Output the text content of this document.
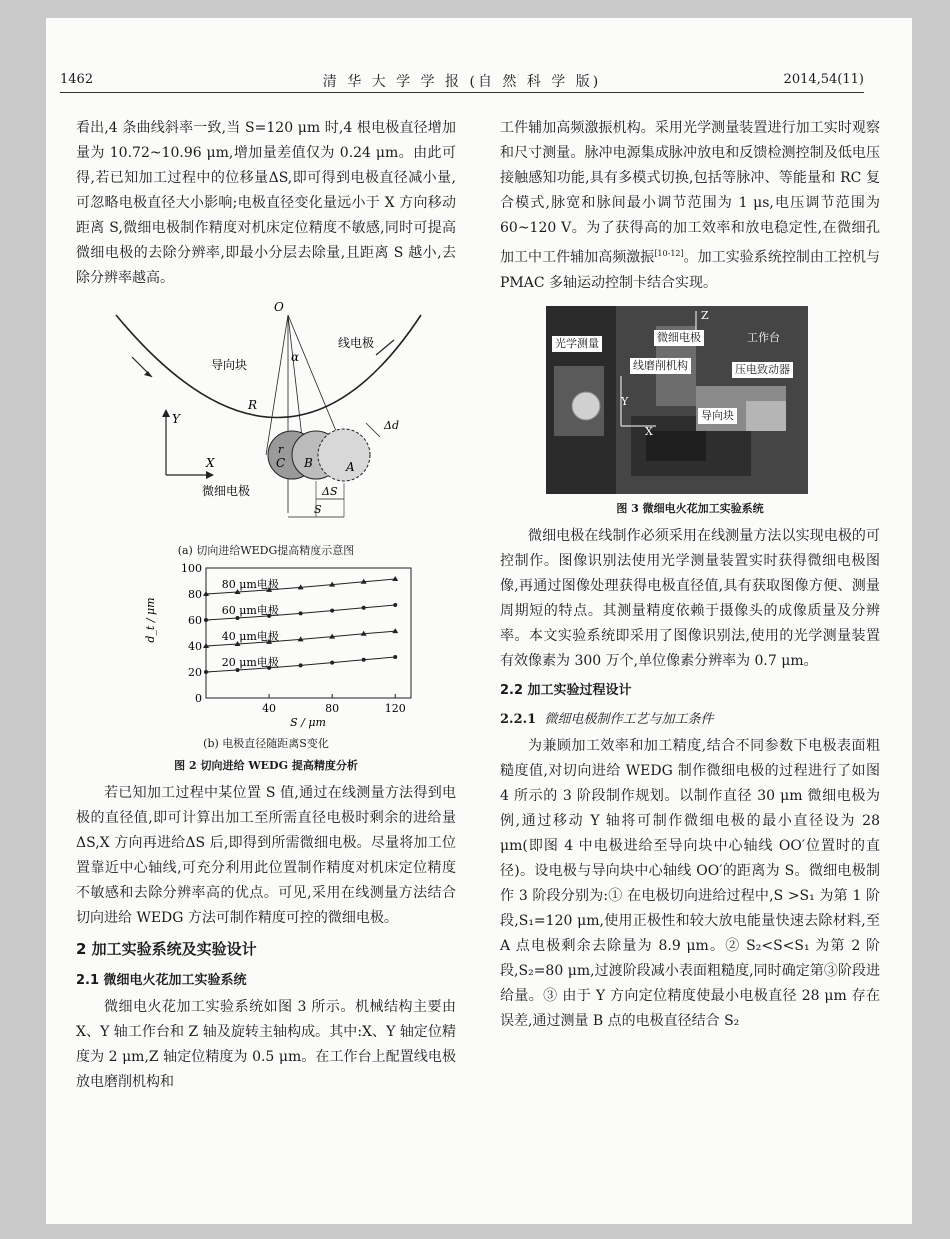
1462	清 华 大 学 学 报 (自 然 科 学 版)	2014,54(11)

看出,4 条曲线斜率一致,当 S=120 μm 时,4 根电极直径增加量为 10.72~10.96 μm,增加量差值仅为 0.24 μm。由此可得,若已知加工过程中的位移量ΔS,即可得到电极直径减小量,可忽略电极直径大小影响;电极直径变化量远小于 X 方向移动距离 S,微细电极制作精度对机床定位精度不敏感,同时可提高微细电极的去除分辨率,即最小分层去除量,且距离 S 越小,去除分辨率越高。

O
α
线电极
导向块
R
Y
X
r
C B	A
Δd
微细电极	ΔS
S
(a) 切向进给WEDG提高精度示意图
80 μm电极
60 μm电极
40 μm电极
20 μm电极
0
20
40
60
80
100
40	80	120
S / μm
d_t / μm
(b) 电极直径随距离S变化
图 2 切向进给 WEDG 提高精度分析

若已知加工过程中某位置 S 值,通过在线测量方法得到电极的直径值,即可计算出加工至所需直径电极时剩余的进给量ΔS,X 方向再进给ΔS 后,即得到所需微细电极。尽量将加工位置靠近中心轴线,可充分利用此位置制作精度对机床定位精度不敏感和去除分辨率高的优点。可见,采用在线测量方法结合切向进给 WEDG 方法可制作精度可控的微细电极。

2 加工实验系统及实验设计
2.1 微细电火花加工实验系统

微细电火花加工实验系统如图 3 所示。机械结构主要由 X、Y 轴工作台和 Z 轴及旋转主轴构成。其中:X、Y 轴定位精度为 2 μm,Z 轴定位精度为 0.5 μm。在工作台上配置线电极放电磨削机构和

工件辅加高频激振机构。采用光学测量装置进行加工实时观察和尺寸测量。脉冲电源集成脉冲放电和反馈检测控制及低电压接触感知功能,具有多模式切换,包括等脉冲、等能量和 RC 复合模式,脉宽和脉间最小调节范围为 1 μs,电压调节范围为 60~120 V。为了获得高的加工效率和放电稳定性,在微细孔加工中工件辅加高频激振[10-12]。加工实验系统控制由工控机与 PMAC 多轴运动控制卡结合实现。

Z
光学测量	微细电极	工作台
线磨削机构	压电致动器
Y
导向块
X
图 3 微细电火花加工实验系统

微细电极在线制作必须采用在线测量方法以实现电极的可控制作。图像识别法使用光学测量装置实时获得微细电极图像,再通过图像处理获得电极直径值,具有获取图像方便、测量周期短的特点。其测量精度依赖于摄像头的成像质量及分辨率。本文实验系统即采用了图像识别法,使用的光学测量装置有效像素为 300 万个,单位像素分辨率为 0.7 μm。

2.2 加工实验过程设计
2.2.1 微细电极制作工艺与加工条件

为兼顾加工效率和加工精度,结合不同参数下电极表面粗糙度值,对切向进给 WEDG 制作微细电极的过程进行了如图 4 所示的 3 阶段制作规划。以制作直径 30 μm 微细电极为例,通过移动 Y 轴将可制作微细电极的最小直径设为 28 μm(即图 4 中电极进给至导向块中心轴线 OO′位置时的直径)。设电极与导向块中心轴线 OO′的距离为 S。微细电极制作 3 阶段分别为:① 在电极切向进给过程中,S >S₁ 为第 1 阶段,S₁=120 μm,使用正极性和较大放电能量快速去除材料,至 A 点电极剩余去除量为 8.9 μm。② S₂<S<S₁ 为第 2 阶段,S₂=80 μm,过渡阶段减小表面粗糙度,同时确定第③阶段进给量。③ 由于 Y 方向定位精度使最小电极直径 28 μm 存在误差,通过测量 B 点的电极直径结合 S₂
